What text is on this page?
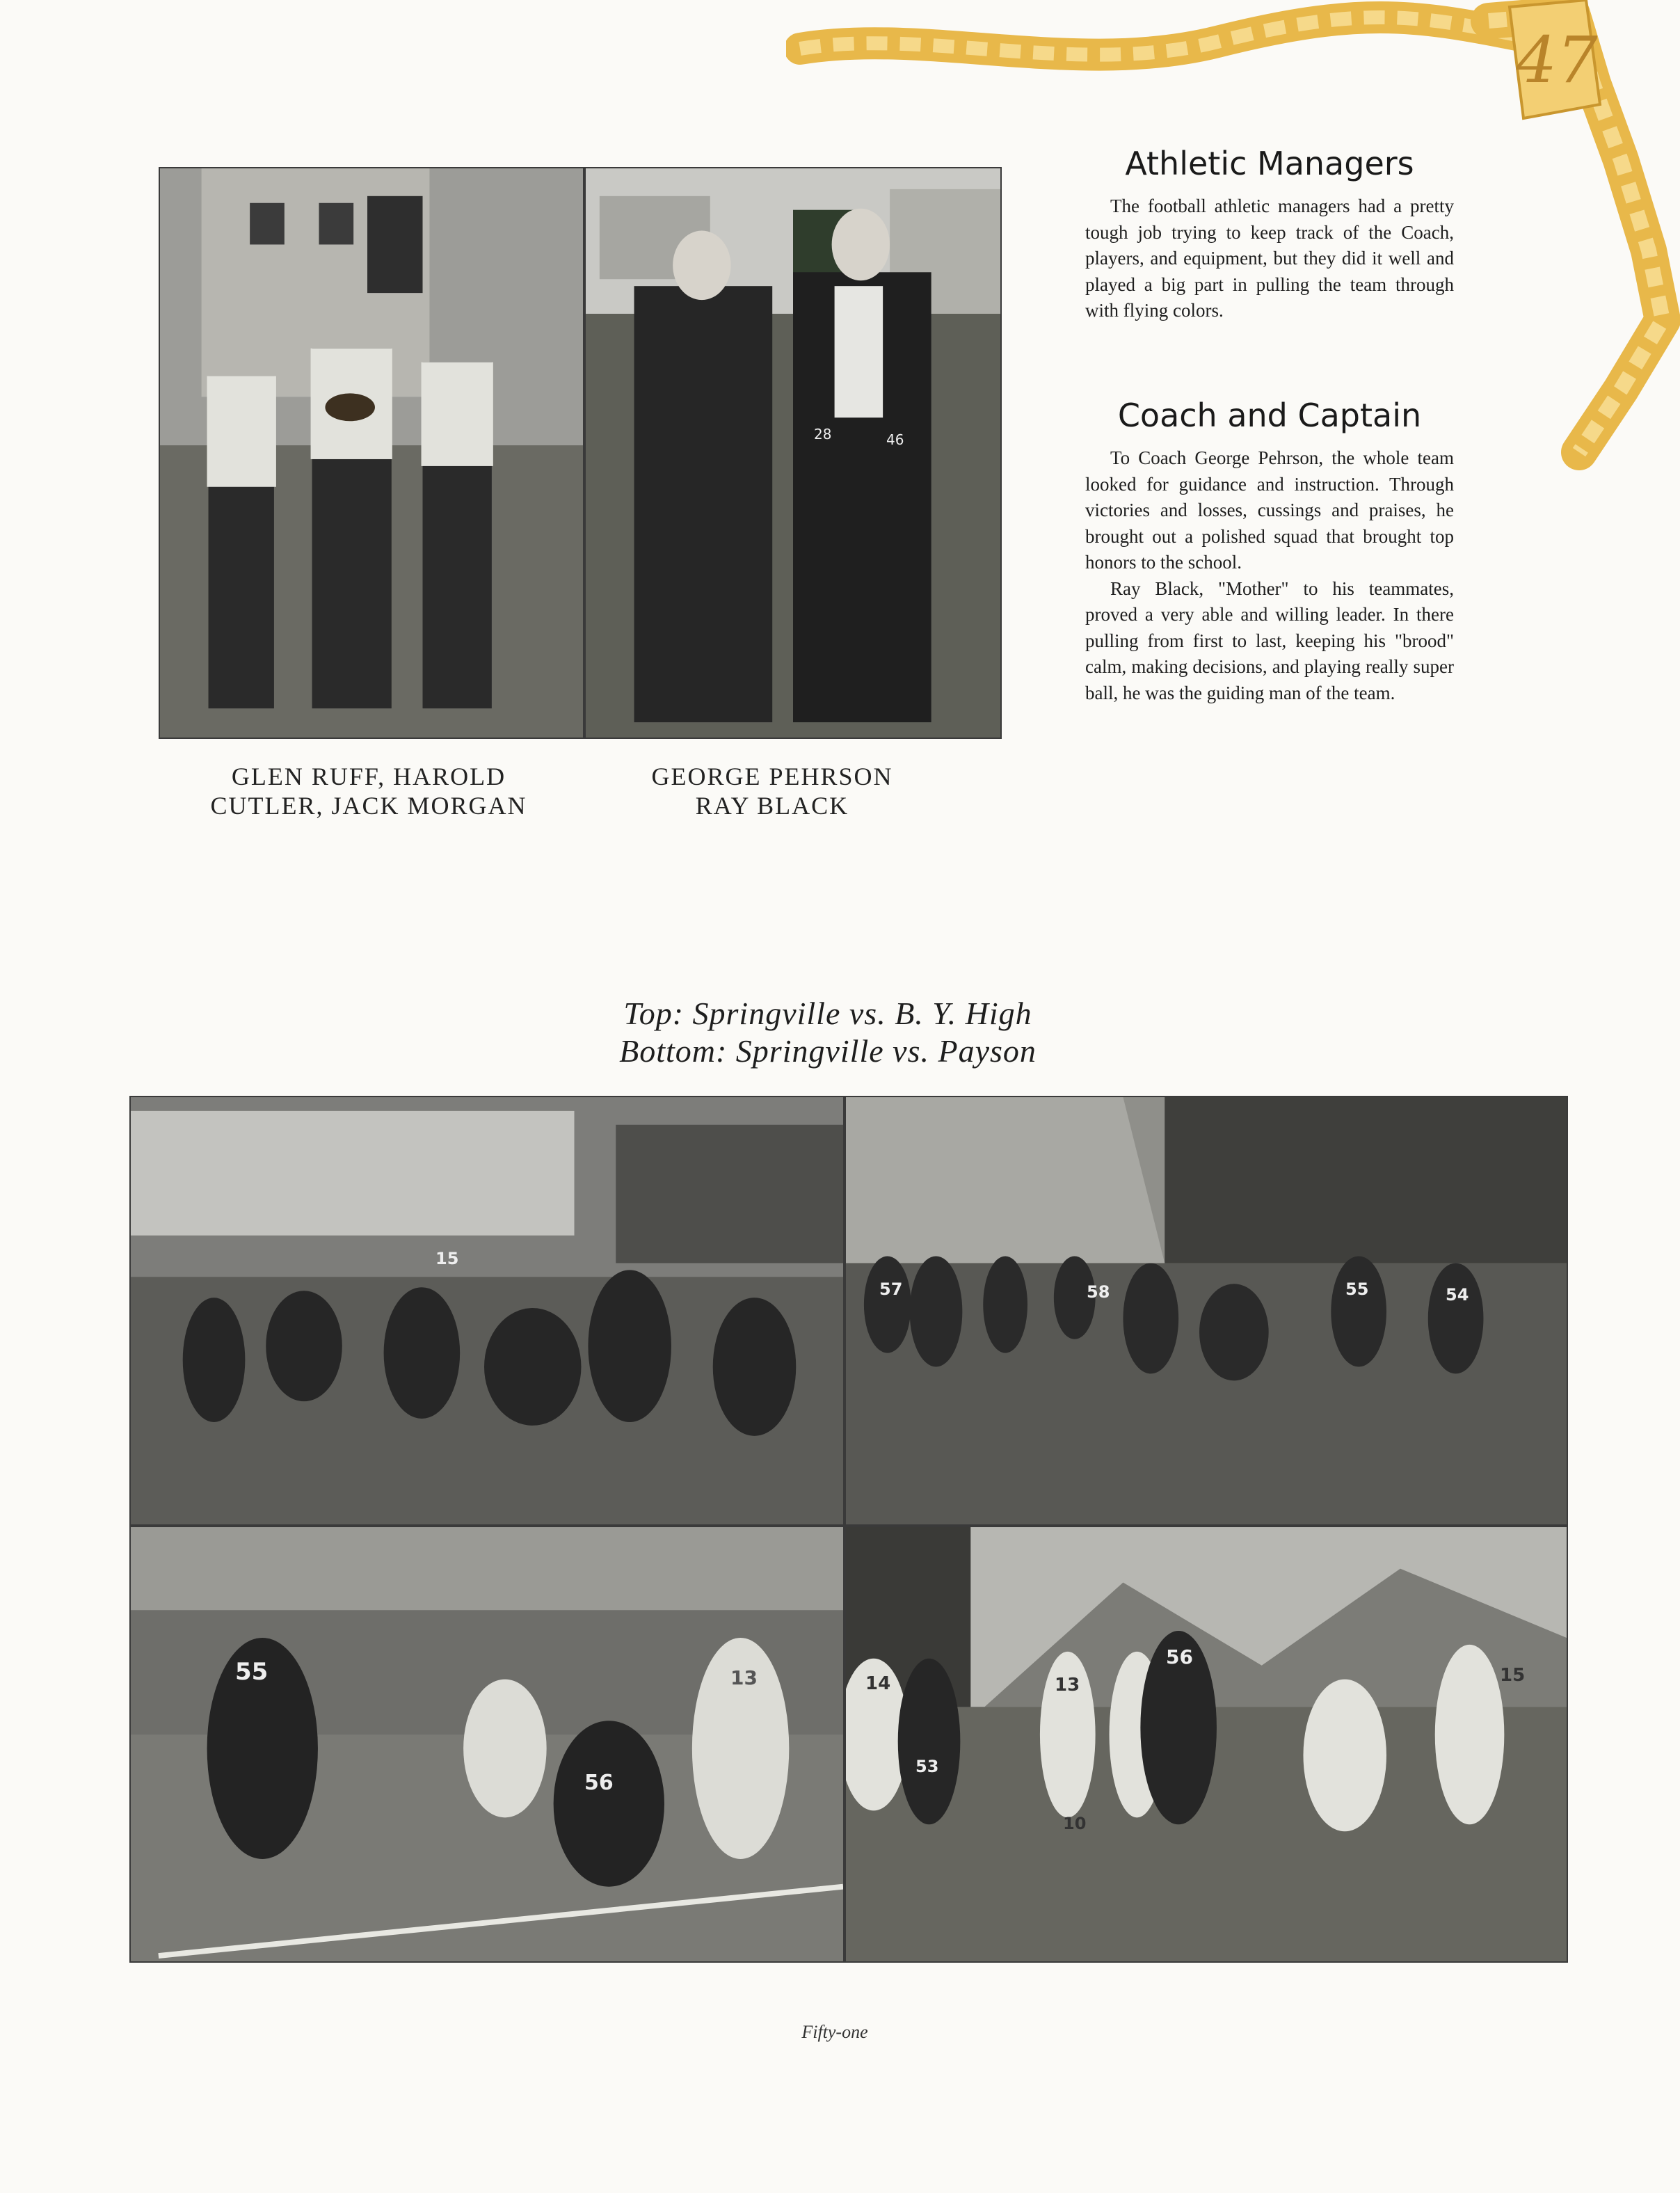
47
28	46
GLEN RUFF, HAROLD
CUTLER, JACK MORGAN
GEORGE PEHRSON
RAY BLACK
Athletic Managers

The football athletic managers had a pretty tough job trying to keep track of the Coach, players, and equipment, but they did it well and played a big part in pulling the team through with flying colors.

Coach and Captain

To Coach George Pehrson, the whole team looked for guidance and instruction. Through victories and losses, cussings and praises, he brought out a polished squad that brought top honors to the school.

Ray Black, "Mother" to his teammates, proved a very able and willing leader. In there pulling from first to last, keeping his "brood" calm, making decisions, and playing really super ball, he was the guiding man of the team.

Top: Springville vs. B. Y. High
Bottom: Springville vs. Payson
15
57	58	55	54
55
56
13	14	13
56
53
10
15
Fifty-one
